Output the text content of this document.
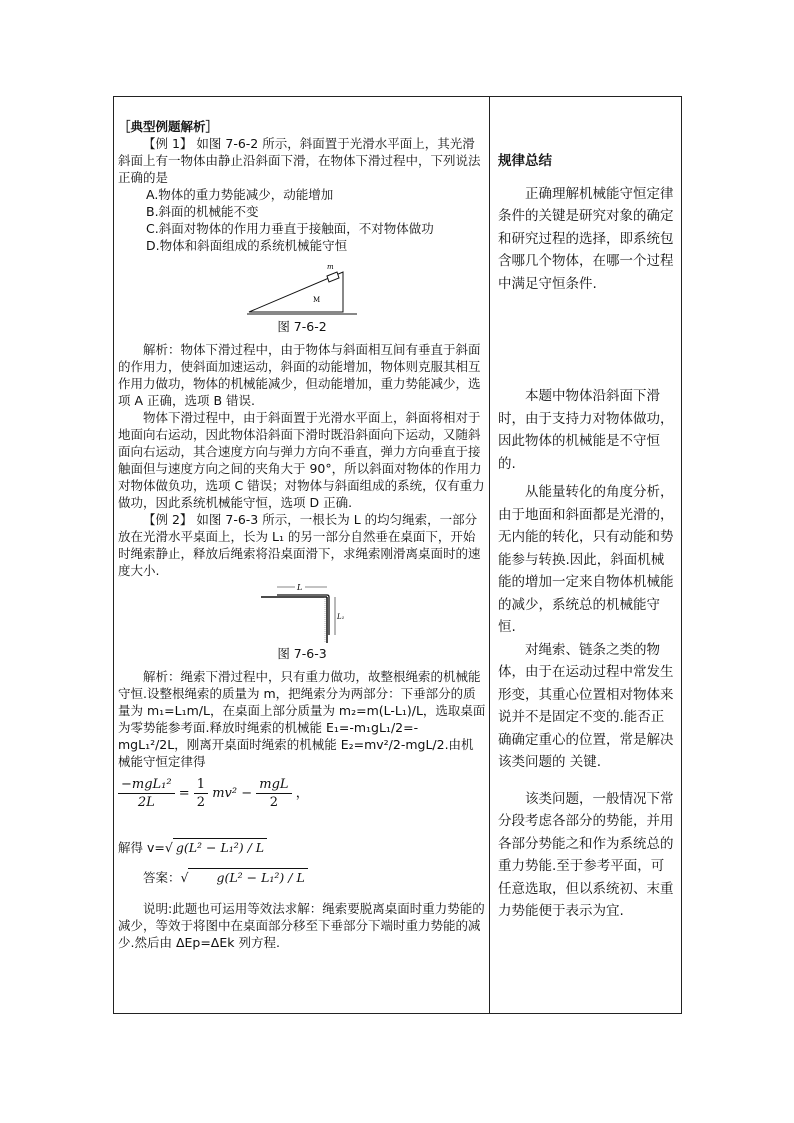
［典型例题解析］

【例 1】 如图 7-6-2 所示，斜面置于光滑水平面上，其光滑斜面上有一物体由静止沿斜面下滑，在物体下滑过程中，下列说法正确的是

A.物体的重力势能减少，动能增加

B.斜面的机械能不变

C.斜面对物体的作用力垂直于接触面，不对物体做功

D.物体和斜面组成的系统机械能守恒

m
M

图 7-6-2

解析：物体下滑过程中，由于物体与斜面相互间有垂直于斜面的作用力，使斜面加速运动，斜面的动能增加，物体则克服其相互作用力做功，物体的机械能减少，但动能增加，重力势能减少，选项 A 正确，选项 B 错误.

物体下滑过程中，由于斜面置于光滑水平面上，斜面将相对于地面向右运动，因此物体沿斜面下滑时既沿斜面向下运动，又随斜面向右运动，其合速度方向与弹力方向不垂直，弹力方向垂直于接触面但与速度方向之间的夹角大于 90°，所以斜面对物体的作用力对物体做负功，选项 C 错误；对物体与斜面组成的系统，仅有重力做功，因此系统机械能守恒，选项 D 正确.

【例 2】 如图 7-6-3 所示，一根长为 L 的均匀绳索，一部分放在光滑水平桌面上，长为 L₁ 的另一部分自然垂在桌面下，开始时绳索静止，释放后绳索将沿桌面滑下，求绳索刚滑离桌面时的速度大小.

L
L₁

图 7-6-3

解析：绳索下滑过程中，只有重力做功，故整根绳索的机械能守恒.设整根绳索的质量为 m，把绳索分为两部分：下垂部分的质量为 m₁=L₁m/L，在桌面上部分质量为 m₂=m(L-L₁)/L，选取桌面为零势能参考面.释放时绳索的机械能 E₁=-m₁gL₁/2=-mgL₁²/2L，刚离开桌面时绳索的机械能 E₂=mv²/2-mgL/2.由机械能守恒定律得

$\frac{\text{−mgL₁²}}{2L} = \frac{1}{2} mv^2 - \frac{\text{mgL}}{2}$ ，

解得 v=√ g(L² − L₁²) / L

答案：√ g(L² − L₁²) / L

说明:此题也可运用等效法求解：绳索要脱离桌面时重力势能的减少，等效于将图中在桌面部分移至下垂部分下端时重力势能的减少.然后由 ΔEp=ΔEk 列方程.

规律总结

正确理解机械能守恒定律条件的关键是研究对象的确定和研究过程的选择，即系统包含哪几个物体，在哪一个过程中满足守恒条件.

本题中物体沿斜面下滑时，由于支持力对物体做功，因此物体的机械能是不守恒的.

从能量转化的角度分析，由于地面和斜面都是光滑的，无内能的转化，只有动能和势能参与转换.因此，斜面机械能的增加一定来自物体机械能的减少，系统总的机械能守恒.

对绳索、链条之类的物体，由于在运动过程中常发生形变，其重心位置相对物体来说并不是固定不变的.能否正确确定重心的位置，常是解决该类问题的 关键.

该类问题，一般情况下常分段考虑各部分的势能，并用各部分势能之和作为系统总的重力势能.至于参考平面，可任意选取，但以系统初、末重力势能便于表示为宜.
